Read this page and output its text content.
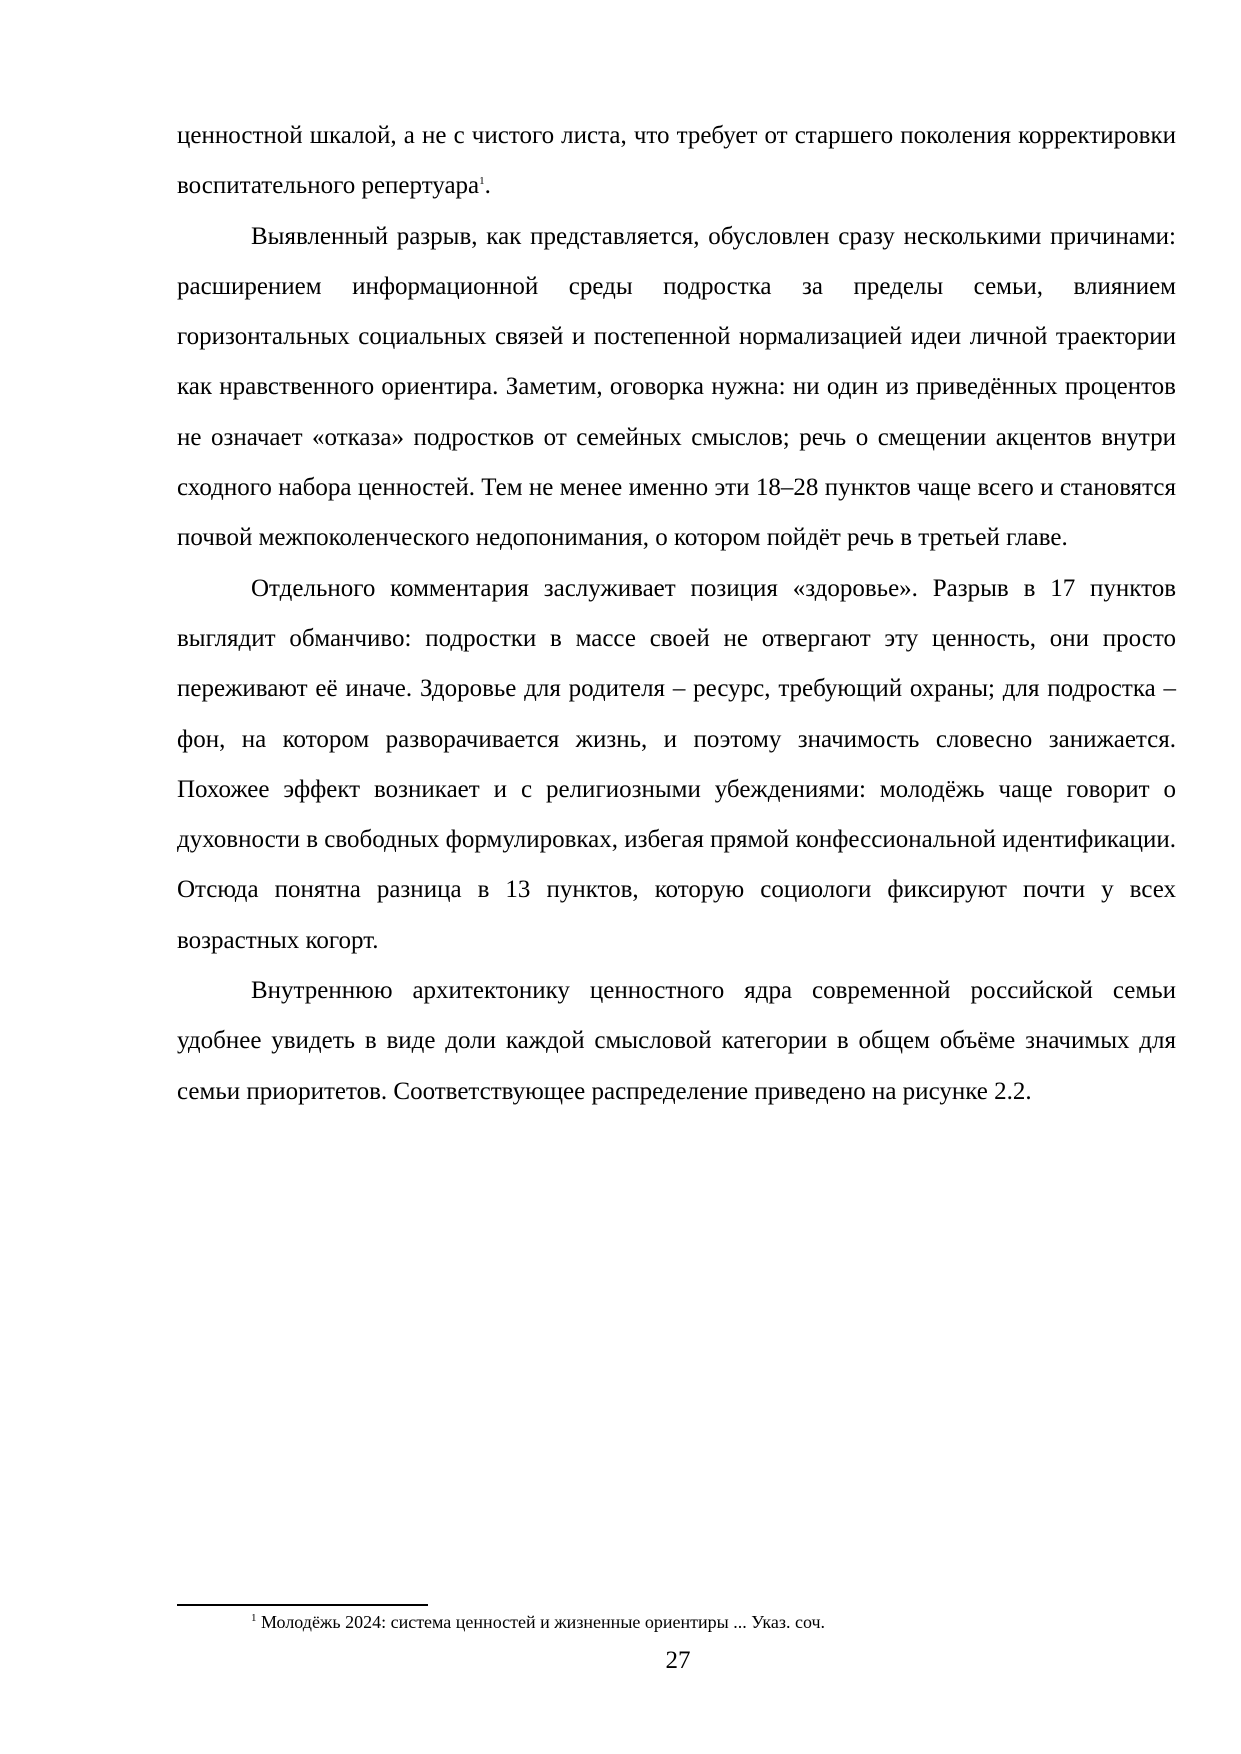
ценностной шкалой, а не с чистого листа, что требует от старшего поколения корректировки воспитательного репертуара$^1$.

Выявленный разрыв, как представляется, обусловлен сразу несколькими причинами: расширением информационной среды подростка за пределы семьи, влиянием горизонтальных социальных связей и постепенной нормализацией идеи личной траектории как нравственного ориентира. Заметим, оговорка нужна: ни один из приведённых процентов не означает «отказа» подростков от семейных смыслов; речь о смещении акцентов внутри сходного набора ценностей. Тем не менее именно эти 18–28 пунктов чаще всего и становятся почвой межпоколенческого недопонимания, о котором пойдёт речь в третьей главе.

Отдельного комментария заслуживает позиция «здоровье». Разрыв в 17 пунктов выглядит обманчиво: подростки в массе своей не отвергают эту ценность, они просто переживают её иначе. Здоровье для родителя – ресурс, требующий охраны; для подростка – фон, на котором разворачивается жизнь, и поэтому значимость словесно занижается. Похожее эффект возникает и с религиозными убеждениями: молодёжь чаще говорит о духовности в свободных формулировках, избегая прямой конфессиональной идентификации. Отсюда понятна разница в 13 пунктов, которую социологи фиксируют почти у всех возрастных когорт.

Внутреннюю архитектонику ценностного ядра современной российской семьи удобнее увидеть в виде доли каждой смысловой категории в общем объёме значимых для семьи приоритетов. Соответствующее распределение приведено на рисунке 2.2.

$^1$ Молодёжь 2024: система ценностей и жизненные ориентиры ... Указ. соч.
27
